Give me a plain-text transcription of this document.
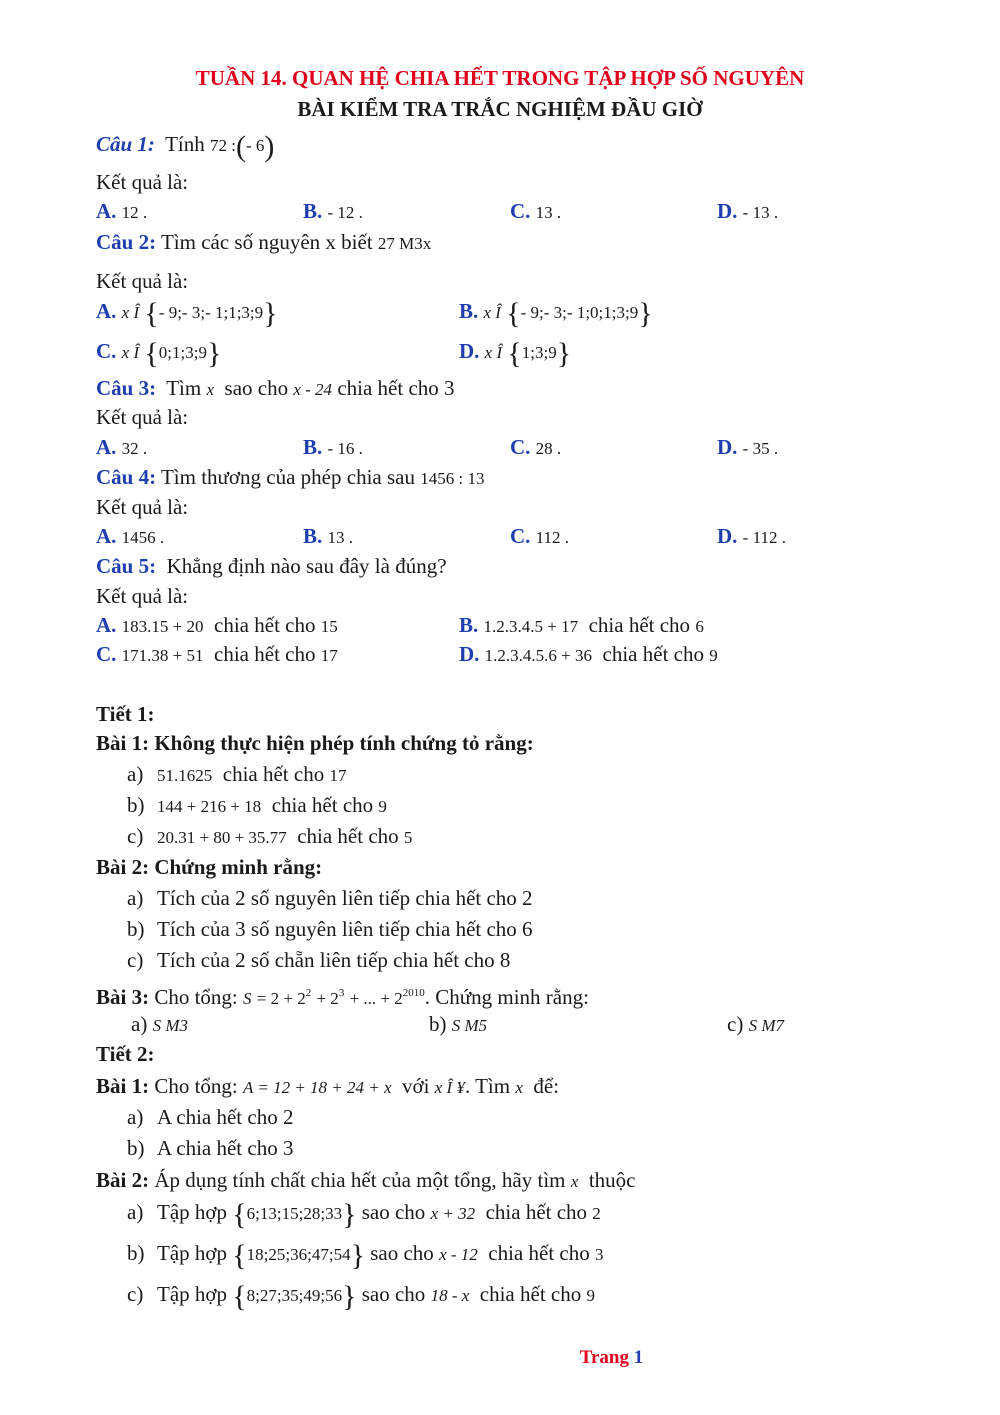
TUẦN 14. QUAN HỆ CHIA HẾT TRONG TẬP HỢP SỐ NGUYÊN
BÀI KIỂM TRA TRẮC NGHIỆM ĐẦU GIỜ
Câu 1: Tính 72 :(- 6)
Kết quả là:
A. 12 .	B. - 12 .	C. 13 .	D. - 13 .
Câu 2: Tìm các số nguyên x biết 27 M3x
Kết quả là:
A. x Î {- 9;- 3;- 1;1;3;9}	B. x Î {- 9;- 3;- 1;0;1;3;9}
C. x Î {0;1;3;9}	D. x Î {1;3;9}
Câu 3: Tìm x sao cho x - 24 chia hết cho 3
Kết quả là:
A. 32 .	B. - 16 .	C. 28 .	D. - 35 .
Câu 4: Tìm thương của phép chia sau 1456 : 13
Kết quả là:
A. 1456 .	B. 13 .	C. 112 .	D. - 112 .
Câu 5: Khẳng định nào sau đây là đúng?
Kết quả là:
A. 183.15 + 20 chia hết cho 15	B. 1.2.3.4.5 + 17 chia hết cho 6
C. 171.38 + 51 chia hết cho 17	D. 1.2.3.4.5.6 + 36 chia hết cho 9
Tiết 1:
Bài 1: Không thực hiện phép tính chứng tỏ rằng:
a) 51.1625 chia hết cho 17
b) 144 + 216 + 18 chia hết cho 9
c) 20.31 + 80 + 35.77 chia hết cho 5
Bài 2: Chứng minh rằng:
a) Tích của 2 số nguyên liên tiếp chia hết cho 2
b) Tích của 3 số nguyên liên tiếp chia hết cho 6
c) Tích của 2 số chẵn liên tiếp chia hết cho 8
Bài 3: Cho tổng: $S = 2 + 2^2 + 2^3$ + ... + $2^{2010}$. Chứng minh rằng:
a) S M3	b) S M5	c) S M7
Tiết 2:
Bài 1: Cho tổng: A = 12 + 18 + 24 + x với x Î ¥. Tìm x để:
a) A chia hết cho 2
b) A chia hết cho 3
Bài 2: Áp dụng tính chất chia hết của một tổng, hãy tìm x thuộc
a) Tập hợp {6;13;15;28;33} sao cho x + 32 chia hết cho 2
b) Tập hợp {18;25;36;47;54} sao cho x - 12 chia hết cho 3
c) Tập hợp {8;27;35;49;56} sao cho 18 - x chia hết cho 9
Trang 1
